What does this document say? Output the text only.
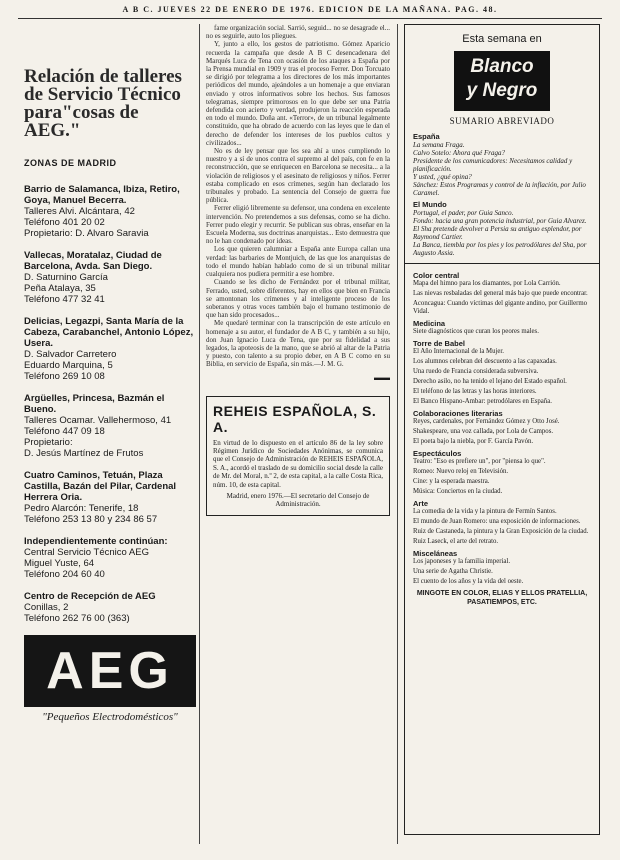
A B C. JUEVES 22 DE ENERO DE 1976. EDICION DE LA MAÑANA. PAG. 48.
Relación de talleres de Servicio Técnico para"cosas de AEG."
ZONAS DE MADRID
Barrio de Salamanca, Ibiza, Retiro, Goya, Manuel Becerra.
Talleres Alvi. Alcántara, 42
Teléfono 401 20 02
Propietario: D. Alvaro Saravia
Vallecas, Moratalaz, Ciudad de Barcelona, Avda. San Diego.
D. Saturnino García
Peña Atalaya, 35
Teléfono 477 32 41
Delicias, Legazpi, Santa María de la Cabeza, Carabanchel, Antonio López, Usera.
D. Salvador Carretero
Eduardo Marquina, 5
Teléfono 269 10 08
Argüelles, Princesa, Bazmán el Bueno.
Talleres Ocamar. Vallehermoso, 41
Teléfono 447 09 18
Propietario:
D. Jesús Martínez de Frutos
Cuatro Caminos, Tetuán, Plaza Castilla, Bazán del Pilar, Cardenal Herrera Oria.
Pedro Alarcón: Tenerife, 18
Teléfono 253 13 80 y 234 86 57
Independientemente continúan:
Central Servicio Técnico AEG
Miguel Yuste, 64
Teléfono 204 60 40
Centro de Recepción de AEG
Conillas, 2
Teléfono 262 76 00 (363)
AEG
"Pequeños Electrodomésticos"

fame organización social. Sarrió, seguid... no se desagrade el... no es seguirle, auto los pliegues.

Y, junto a ello, los gestos de patriotismo. Gómez Aparicio recuerda la campaña que desde A B C desencadenara del Marqués Luca de Tena con ocasión de los ataques a España por la Prensa mundial en 1909 y tras el proceso Ferrer. Don Torcuato se dirigió por telegrama a los directores de los más importantes periódicos del mundo, ajeándoles a un homenaje a que enviaran enviado y otros informativos sobre los hechos. Sus famosos telegramas, siempre primorosos en lo que debe ser una Patria defendida con acierto y verdad, produjeron la reacción esperada en todo el mundo. Doña ant. «Terror», de un tribunal legalmente constituido, que ha obrado de acuerdo con las leyes que le dan el derecho de defender los intereses de los pueblos cultos y civilizados...

No es de ley pensar que les sea ahí a unos cumpliendo lo nuestro y a sí de unos contra el supremo al del país, con fe en la reconstrucción, que se enriquecen en Barcelona se necesita... a la violación de religiosos y el asesinato de religiosos y niños. Ferrer estaba complicado en esos crímenes, según han declarado los tribunales y probado. La sentencia del Consejo de guerra fue pública.

Ferrer eligió libremente su defensor, una condena en excelente intervención. No pretendemos a sus defensas, como se ha dicho. Ferrer pudo elegir y recurrir. Se publican sus obras, enseñar en la Escuela Moderna, sus doctrinas anarquistas... Esto demuestra que no le han condenado por ideas.

Los que quieren calumniar a España ante Europa callan una verdad: las barbaries de Montjuich, de las que los anarquistas de todo el mundo habían hablado como de si un tribunal militar cualquiera nos pudiera permitir a ese hombre.

Cuando se les dicho de Fernández por el tribunal militar, Ferrado, usted, sobre diferentes, hay en ellos que bien en Francia se amontonan los crímenes y al inteligente proceso de los soberanos y otras voces también bajo el humano testimonio de que han sido procesados...

Me quedaré terminar con la transcripción de este artículo en homenaje a su autor, el fundador de A B C, y también a su hijo, don Juan Ignacio Luca de Tena, que por su fidelidad a sus legados, la apoteosis de la mano, que se abrió al altar de la Patria y puesto, con talento a su propio deber, en A B C como en su Biblia, en servicio de España, sin más.—J. M. G.

▬▬
REHEIS ESPAÑOLA, S. A.
En virtud de lo dispuesto en el artículo 86 de la ley sobre Régimen Jurídico de Sociedades Anónimas, se comunica que el Consejo de Administración de REHEIS ESPAÑOLA, S. A., acordó el traslado de su domicilio social desde la calle de Mr. del Moral, n.º 2, de esta capital, a la calle Costa Rica, núm. 10, de esta capital.
Madrid, enero 1976.—El secretario del Consejo de Administración.
Esta semana en
Blanco
y Negro
SUMARIO ABREVIADO
España
La semana Fraga.
Calvo Sotelo: Ahora qué Fraga?
Presidente de los comunicadores: Necesitamos calidad y planificación.
Y usted, ¿qué opina?
Sánchez: Estos Programas y control de la inflación, por Julio Caramel.
El Mundo
Portugal, el pader, por Guia Sanco.
Fondo: hacia una gran potencia industrial, por Guia Alvarez.
El Sha pretende devolver a Persia su antiguo esplendor, por Raymond Cartier.
La Banca, tiembla por los pies y los petrodólares del Sha, por Augusto Assia.
Color central
Mapa del himno para los diamantes, por Lola Carrión.
Las nievas resbaladas del general más bajo que puede encontrar.
Aconcagua: Cuando víctimas del gigante andino, por Guillermo Vidal.
Medicina
Siete diagnósticos que curan los peores males.
Torre de Babel
El Año Internacional de la Mujer.
Los alumnos celebran del descuento a las capaxadas.
Una ruedo de Francia considerada subversiva.
Derecho asilo, no ha tenido el lejano del Estado español.
El teléfono de las letras y las horas interiores.
El Banco Hispano-Ambar: petrodólares en España.
Colaboraciones literarias
Reyes, cardenales, por Fernández Gómez y Otto José.
Shakespeare, una voz callada, por Lola de Campos.
El poeta bajo la niebla, por F. García Pavón.
Espectáculos
Teatro: "Eso es prefiere un", por "piensa lo que".
Romeo: Nuevo reloj en Televisión.
Cine: y la esperada maestra.
Música: Conciertos en la ciudad.
Arte
La comedia de la vida y la pintura de Fermín Santos.
El mundo de Juan Romero: una exposición de informaciones.
Ruiz de Castaneda, la pintura y la Gran Exposición de la ciudad.
Ruiz Laseck, el arte del retrato.
Misceláneas
Los japoneses y la familia imperial.
Una serie de Agatha Christie.
El cuento de los años y la vida del oeste.
MINGOTE EN COLOR, ELIAS Y ELLOS PRATELLIA, PASATIEMPOS, ETC.
